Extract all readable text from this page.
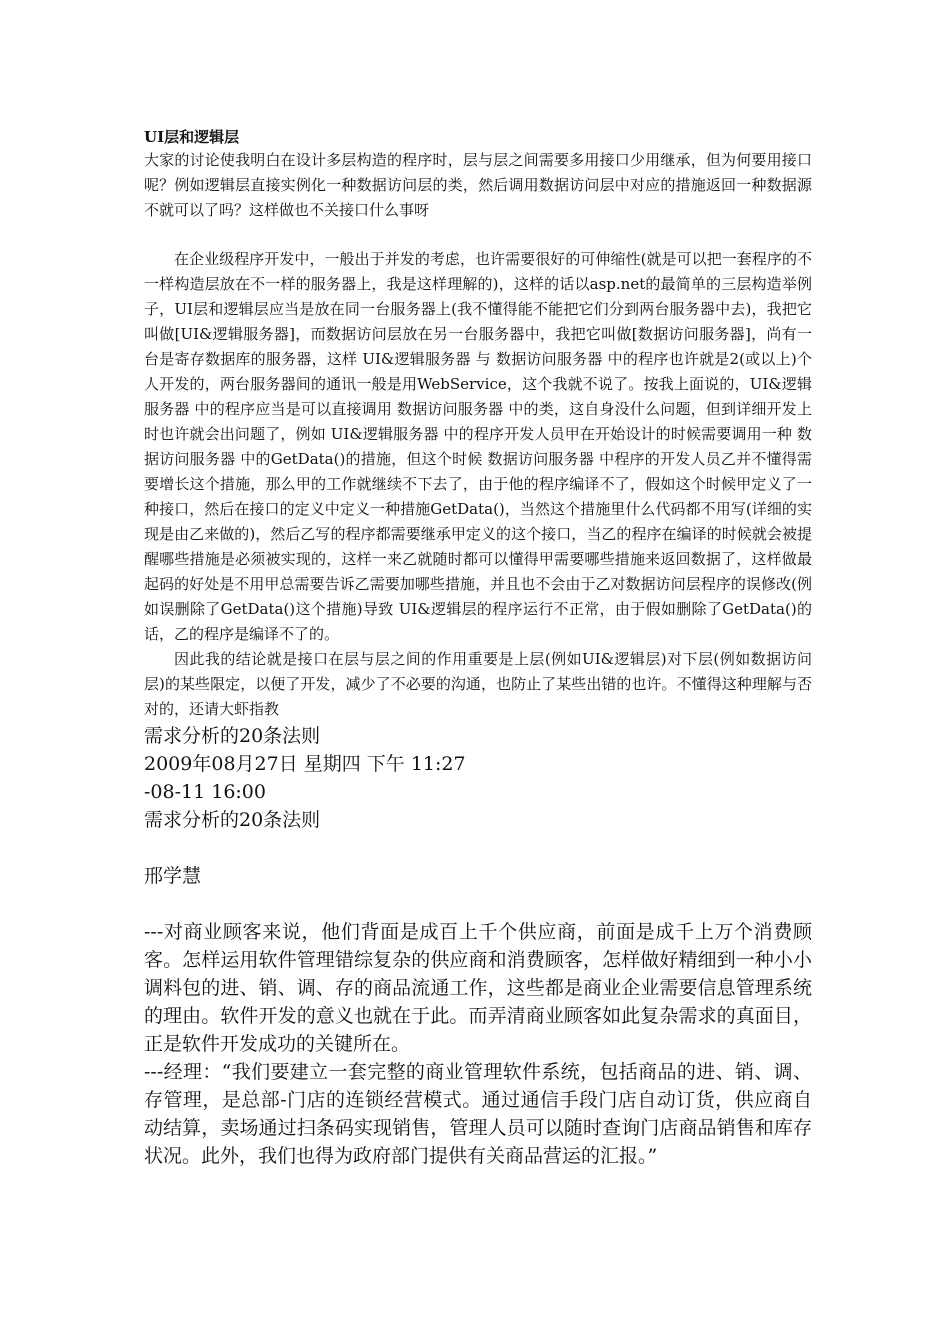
UI层和逻辑层

大家的讨论使我明白在设计多层构造的程序时，层与层之间需要多用接口少用继承，但为何要用接口呢？例如逻辑层直接实例化一种数据访问层的类，然后调用数据访问层中对应的措施返回一种数据源不就可以了吗？这样做也不关接口什么事呀

在企业级程序开发中，一般出于并发的考虑，也许需要很好的可伸缩性(就是可以把一套程序的不一样构造层放在不一样的服务器上，我是这样理解的)，这样的话以asp.net的最简单的三层构造举例子，UI层和逻辑层应当是放在同一台服务器上(我不懂得能不能把它们分到两台服务器中去)，我把它叫做[UI&逻辑服务器]，而数据访问层放在另一台服务器中，我把它叫做[数据访问服务器]，尚有一台是寄存数据库的服务器，这样 UI&逻辑服务器 与 数据访问服务器 中的程序也许就是2(或以上)个人开发的，两台服务器间的通讯一般是用WebService，这个我就不说了。按我上面说的，UI&逻辑服务器 中的程序应当是可以直接调用 数据访问服务器 中的类，这自身没什么问题，但到详细开发上时也许就会出问题了，例如 UI&逻辑服务器 中的程序开发人员甲在开始设计的时候需要调用一种 数据访问服务器 中的GetData()的措施，但这个时候 数据访问服务器 中程序的开发人员乙并不懂得需要增长这个措施，那么甲的工作就继续不下去了，由于他的程序编译不了，假如这个时候甲定义了一种接口，然后在接口的定义中定义一种措施GetData()，当然这个措施里什么代码都不用写(详细的实现是由乙来做的)，然后乙写的程序都需要继承甲定义的这个接口，当乙的程序在编译的时候就会被提醒哪些措施是必须被实现的，这样一来乙就随时都可以懂得甲需要哪些措施来返回数据了，这样做最起码的好处是不用甲总需要告诉乙需要加哪些措施，并且也不会由于乙对数据访问层程序的误修改(例如误删除了GetData()这个措施)导致 UI&逻辑层的程序运行不正常，由于假如删除了GetData()的话，乙的程序是编译不了的。

因此我的结论就是接口在层与层之间的作用重要是上层(例如UI&逻辑层)对下层(例如数据访问层)的某些限定，以便了开发，减少了不必要的沟通，也防止了某些出错的也许。不懂得这种理解与否对的，还请大虾指教

需求分析的20条法则

2009年08月27日 星期四 下午 11:27

-08-11 16:00

需求分析的20条法则

邢学慧

---对商业顾客来说，他们背面是成百上千个供应商，前面是成千上万个消费顾客。怎样运用软件管理错综复杂的供应商和消费顾客，怎样做好精细到一种小小调料包的进、销、调、存的商品流通工作，这些都是商业企业需要信息管理系统的理由。软件开发的意义也就在于此。而弄清商业顾客如此复杂需求的真面目，正是软件开发成功的关键所在。

---经理：“我们要建立一套完整的商业管理软件系统，包括商品的进、销、调、存管理，是总部-门店的连锁经营模式。通过通信手段门店自动订货，供应商自动结算，卖场通过扫条码实现销售，管理人员可以随时查询门店商品销售和库存状况。此外，我们也得为政府部门提供有关商品营运的汇报。”
